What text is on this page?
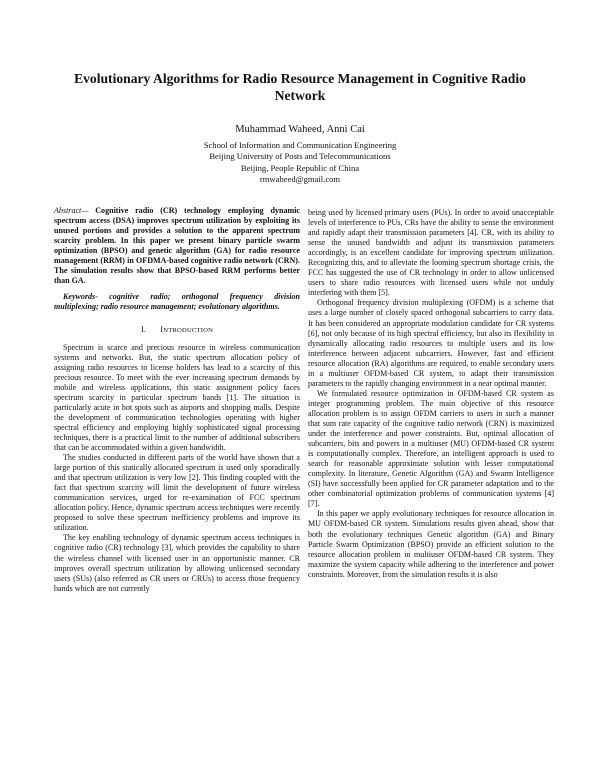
Evolutionary Algorithms for Radio Resource Management in Cognitive Radio Network
Muhammad Waheed, Anni Cai
School of Information and Communication Engineering
Beijing University of Posts and Telecommunications
Beijing, People Republic of China
rmwaheed@gmail.com

Abstract— Cognitive radio (CR) technology employing dynamic spectrum access (DSA) improves spectrum utilization by exploiting its unused portions and provides a solution to the apparent spectrum scarcity problem. In this paper we present binary particle swarm optimization (BPSO) and genetic algorithm (GA) for radio resource management (RRM) in OFDMA-based cognitive radio network (CRN). The simulation results show that BPSO-based RRM performs better than GA.

Keywords- cognitive radio; orthogonal frequency division multiplexing; radio resource management; evolutionary algorithms.

I. INTRODUCTION

Spectrum is scarce and precious resource in wireless communication systems and networks. But, the static spectrum allocation policy of assigning radio resources to license holders has lead to a scarcity of this precious resource. To meet with the ever increasing spectrum demands by mobile and wireless applications, this static assignment policy faces spectrum scarcity in particular spectrum bands [1]. The situation is particularly acute in hot spots such as airports and shopping malls. Despite the development of communication technologies operating with higher spectral efficiency and employing highly sophisticated signal processing techniques, there is a practical limit to the number of additional subscribers that can be accommodated within a given bandwidth.

The studies conducted in different parts of the world have shown that a large portion of this statically allocated spectrum is used only sporadically and that spectrum utilization is very low [2]. This finding coupled with the fact that spectrum scarcity will limit the development of future wireless communication services, urged for re-examination of FCC spectrum allocation policy. Hence, dynamic spectrum access techniques were recently proposed to solve these spectrum inefficiency problems and improve its utilization.

The key enabling technology of dynamic spectrum access techniques is cognitive radio (CR) technology [3], which provides the capability to share the wireless channel with licensed user in an opportunistic manner. CR improves overall spectrum utilization by allowing unlicensed secondary users (SUs) (also referred as CR users or CRUs) to access those frequency bands which are not currently

being used by licensed primary users (PUs). In order to avoid unacceptable levels of interference to PUs, CRs have the ability to sense the environment and rapidly adapt their transmission parameters [4]. CR, with its ability to sense the unused bandwidth and adjust its transmission parameters accordingly, is an excellent candidate for improving spectrum utilization. Recognizing this, and to alleviate the looming spectrum shortage crisis, the FCC has suggested the use of CR technology in order to allow unlicensed users to share radio resources with licensed users while not unduly interfering with them [5].

Orthogonal frequency division multiplexing (OFDM) is a scheme that uses a large number of closely spaced orthogonal subcarriers to carry data. It has been considered an appropriate modulation candidate for CR systems [6], not only because of its high spectral efficiency, but also its flexibility in dynamically allocating radio resources to multiple users and its low interference between adjacent subcarriers. However, fast and efficient resource allocation (RA) algorithms are required, to enable secondary users in a multiuser OFDM-based CR system, to adapt their transmission parameters to the rapidly changing environment in a near optimal manner.

We formulated resource optimization in OFDM-based CR system as integer programming problem. The main objective of this resource allocation problem is to assign OFDM carriers to users in such a manner that sum rate capacity of the cognitive radio network (CRN) is maximized under the interference and power constraints. But, optimal allocation of subcarriers, bits and powers in a multiuser (MU) OFDM-based CR system is computationally complex. Therefore, an intelligent approach is used to search for reasonable approximate solution with lesser computational complexity. In literature, Genetic Algorithm (GA) and Swarm Intelligence (SI) have successfully been applied for CR parameter adaptation and to the other combinatorial optimization problems of communication systems [4] [7].

In this paper we apply evolutionary techniques for resource allocation in MU OFDM-based CR system. Simulations results given ahead, show that both the evolutionary techniques Genetic algorithm (GA) and Binary Particle Swarm Optimization (BPSO) provide an efficient solution to the resource allocation problem in multiuser OFDM-based CR system. They maximize the system capacity while adhering to the interference and power constraints. Moreover, from the simulation results it is also
